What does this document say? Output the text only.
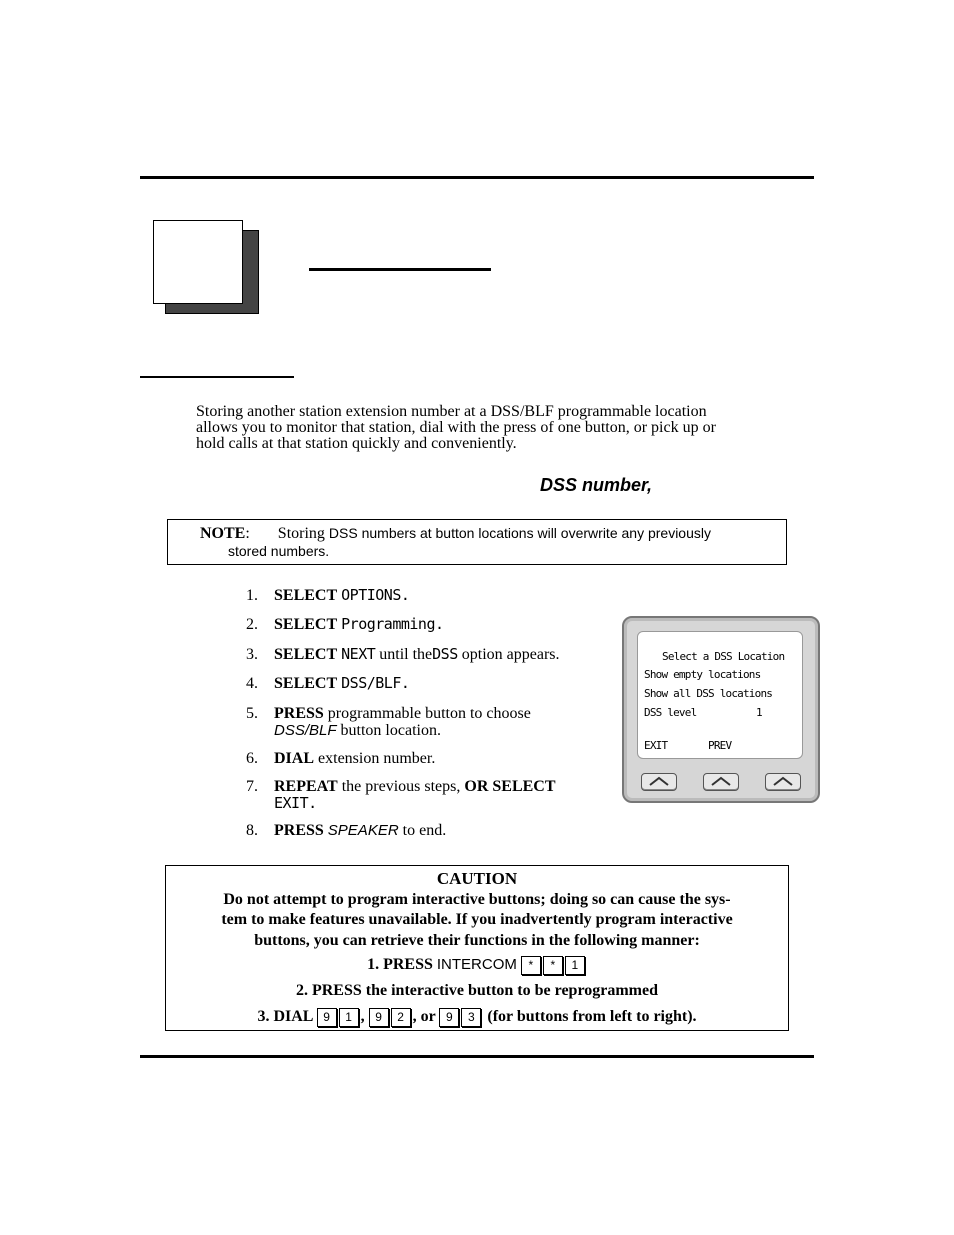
Storing another station extension number at a DSS/BLF programmable location
allows you to monitor that station, dial with the press of one button, or pick up or
hold calls at that station quickly and conveniently.
DSS number,
NOTE: Storing DSS numbers at button locations will overwrite any previously
stored numbers.
1. SELECT OPTIONS.
2. SELECT Programming.
3. SELECT NEXT until theDSS option appears.
4. SELECT DSS/BLF.
5. PRESS programmable button to choose
DSS/BLF button location.
6. DIAL extension number.
7. REPEAT the previous steps, OR SELECT
EXIT.
8. PRESS SPEAKER to end.
Select a DSS Location
Show empty locations
Show all DSS locations
DSS level	1
EXIT	PREV
CAUTION
Do not attempt to program interactive buttons; doing so can cause the sys-
tem to make features unavailable. If you inadvertently program interactive
buttons, you can retrieve their functions in the following manner:
1. PRESS INTERCOM * * 1
2. PRESS the interactive button to be reprogrammed
3. DIAL 9 1 , 9 2 , or 9 3 (for buttons from left to right).
